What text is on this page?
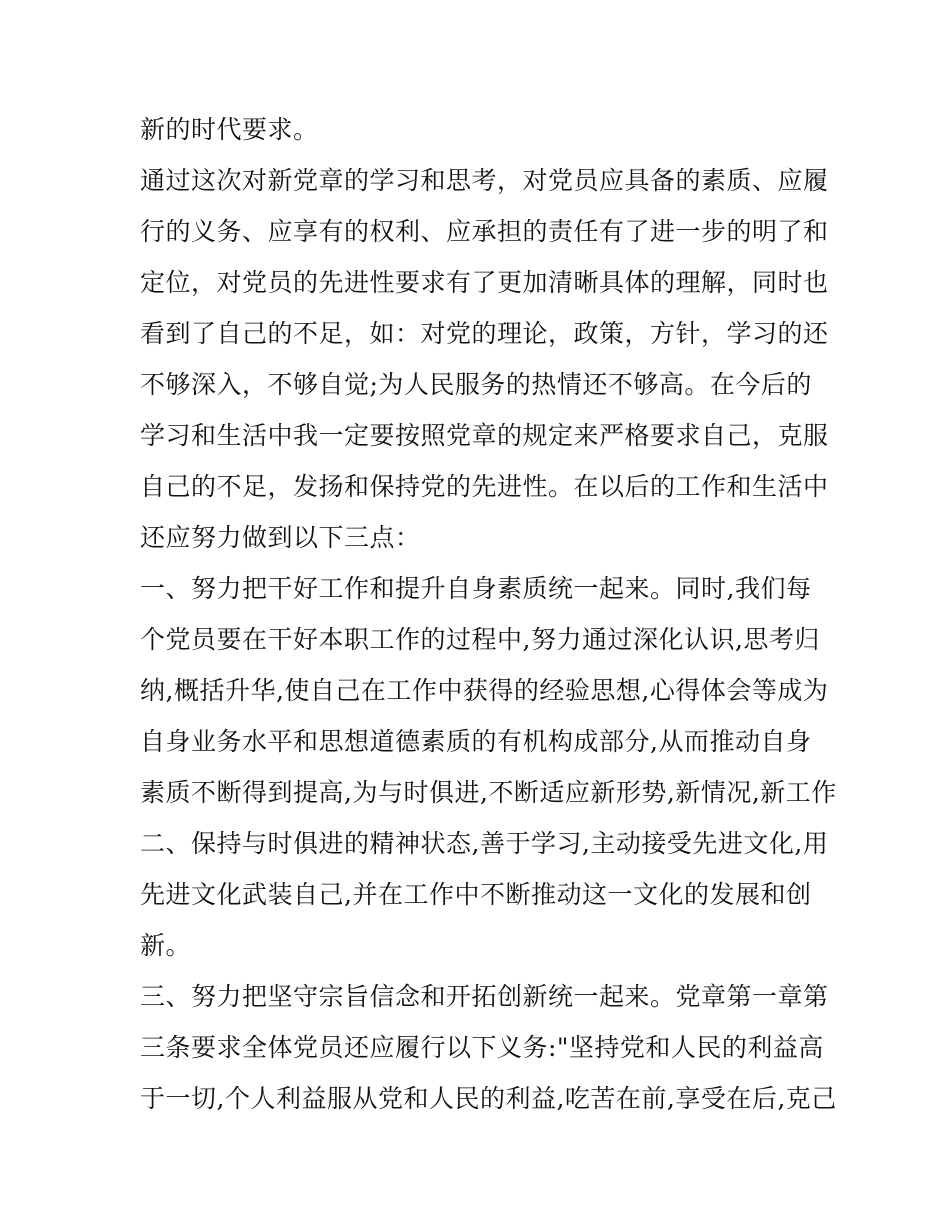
新的时代要求。
通过这次对新党章的学习和思考，对党员应具备的素质、应履
行的义务、应享有的权利、应承担的责任有了进一步的明了和
定位，对党员的先进性要求有了更加清晰具体的理解，同时也
看到了自己的不足，如：对党的理论，政策，方针，学习的还
不够深入，不够自觉;为人民服务的热情还不够高。在今后的
学习和生活中我一定要按照党章的规定来严格要求自己，克服
自己的不足，发扬和保持党的先进性。在以后的工作和生活中
还应努力做到以下三点：
一、努力把干好工作和提升自身素质统一起来。同时,我们每
个党员要在干好本职工作的过程中,努力通过深化认识,思考归
纳,概括升华,使自己在工作中获得的经验思想,心得体会等成为
自身业务水平和思想道德素质的有机构成部分,从而推动自身
素质不断得到提高,为与时俱进,不断适应新形势,新情况,新工作
二、保持与时俱进的精神状态,善于学习,主动接受先进文化,用
先进文化武装自己,并在工作中不断推动这一文化的发展和创
新。
三、努力把坚守宗旨信念和开拓创新统一起来。党章第一章第
三条要求全体党员还应履行以下义务:"坚持党和人民的利益高
于一切,个人利益服从党和人民的利益,吃苦在前,享受在后,克己
